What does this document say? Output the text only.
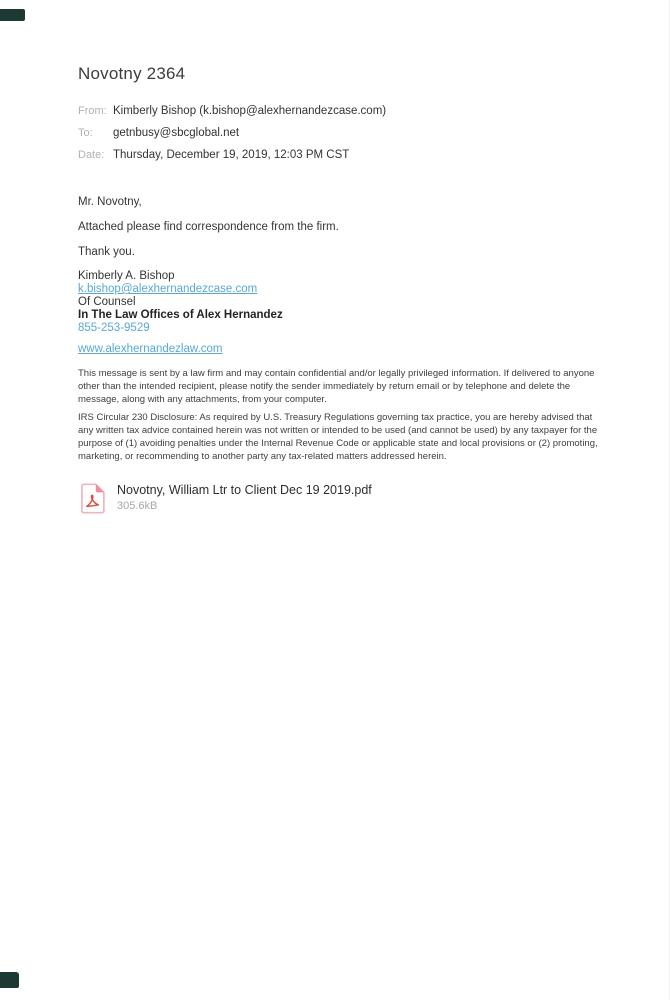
Novotny 2364
From: Kimberly Bishop (k.bishop@alexhernandezcase.com)
To:	getnbusy@sbcglobal.net
Date: Thursday, December 19, 2019, 12:03 PM CST

Mr. Novotny,

Attached please find correspondence from the firm.

Thank you.

Kimberly A. Bishop
k.bishop@alexhernandezcase.com
Of Counsel
In The Law Offices of Alex Hernandez
855-253-9529
www.alexhernandezlaw.com

This message is sent by a law firm and may contain confidential and/or legally privileged information. If delivered to anyone other than the intended recipient, please notify the sender immediately by return email or by telephone and delete the message, along with any attachments, from your computer.

IRS Circular 230 Disclosure: As required by U.S. Treasury Regulations governing tax practice, you are hereby advised that any written tax advice contained herein was not written or intended to be used (and cannot be used) by any taxpayer for the purpose of (1) avoiding penalties under the Internal Revenue Code or applicable state and local provisions or (2) promoting, marketing, or recommending to another party any tax-related matters addressed herein.

Novotny, William Ltr to Client Dec 19 2019.pdf
305.6kB
